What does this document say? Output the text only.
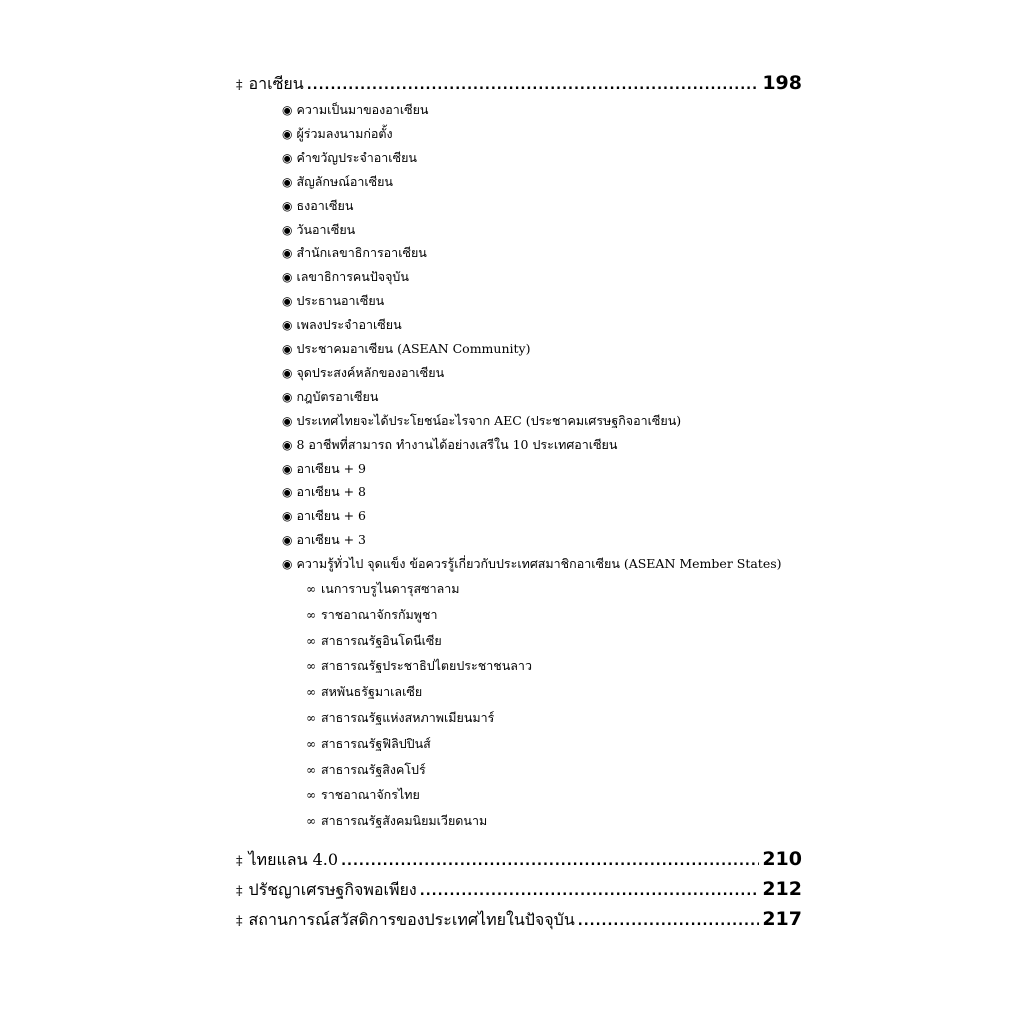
‡ อาเซียน .....	198
◉ ความเป็นมาของอาเซียน
◉ ผู้ร่วมลงนามก่อตั้ง
◉ คำขวัญประจำอาเซียน
◉ สัญลักษณ์อาเซียน
◉ ธงอาเซียน
◉ วันอาเซียน
◉ สำนักเลขาธิการอาเซียน
◉ เลขาธิการคนปัจจุบัน
◉ ประธานอาเซียน
◉ เพลงประจำอาเซียน
◉ ประชาคมอาเซียน (ASEAN Community)
◉ จุดประสงค์หลักของอาเซียน
◉ กฎบัตรอาเซียน
◉ ประเทศไทยจะได้ประโยชน์อะไรจาก AEC (ประชาคมเศรษฐกิจอาเซียน)
◉ 8 อาชีพที่สามารถ ทำงานได้อย่างเสรีใน 10 ประเทศอาเซียน
◉ อาเซียน + 9
◉ อาเซียน + 8
◉ อาเซียน + 6
◉ อาเซียน + 3
◉ ความรู้ทั่วไป จุดแข็ง ข้อควรรู้เกี่ยวกับประเทศสมาชิกอาเซียน (ASEAN Member States)
∞ เนการาบรูไนดารุสซาลาม
∞ ราชอาณาจักรกัมพูชา
∞ สาธารณรัฐอินโดนีเซีย
∞ สาธารณรัฐประชาธิปไตยประชาชนลาว
∞ สหพันธรัฐมาเลเซีย
∞ สาธารณรัฐแห่งสหภาพเมียนมาร์
∞ สาธารณรัฐฟิลิปปินส์
∞ สาธารณรัฐสิงคโปร์
∞ ราชอาณาจักรไทย
∞ สาธารณรัฐสังคมนิยมเวียดนาม
‡ ไทยแลน 4.0 .....	210
‡ ปรัชญาเศรษฐกิจพอเพียง .....	212
‡ สถานการณ์สวัสดิการของประเทศไทยในปัจจุบัน .....	217
